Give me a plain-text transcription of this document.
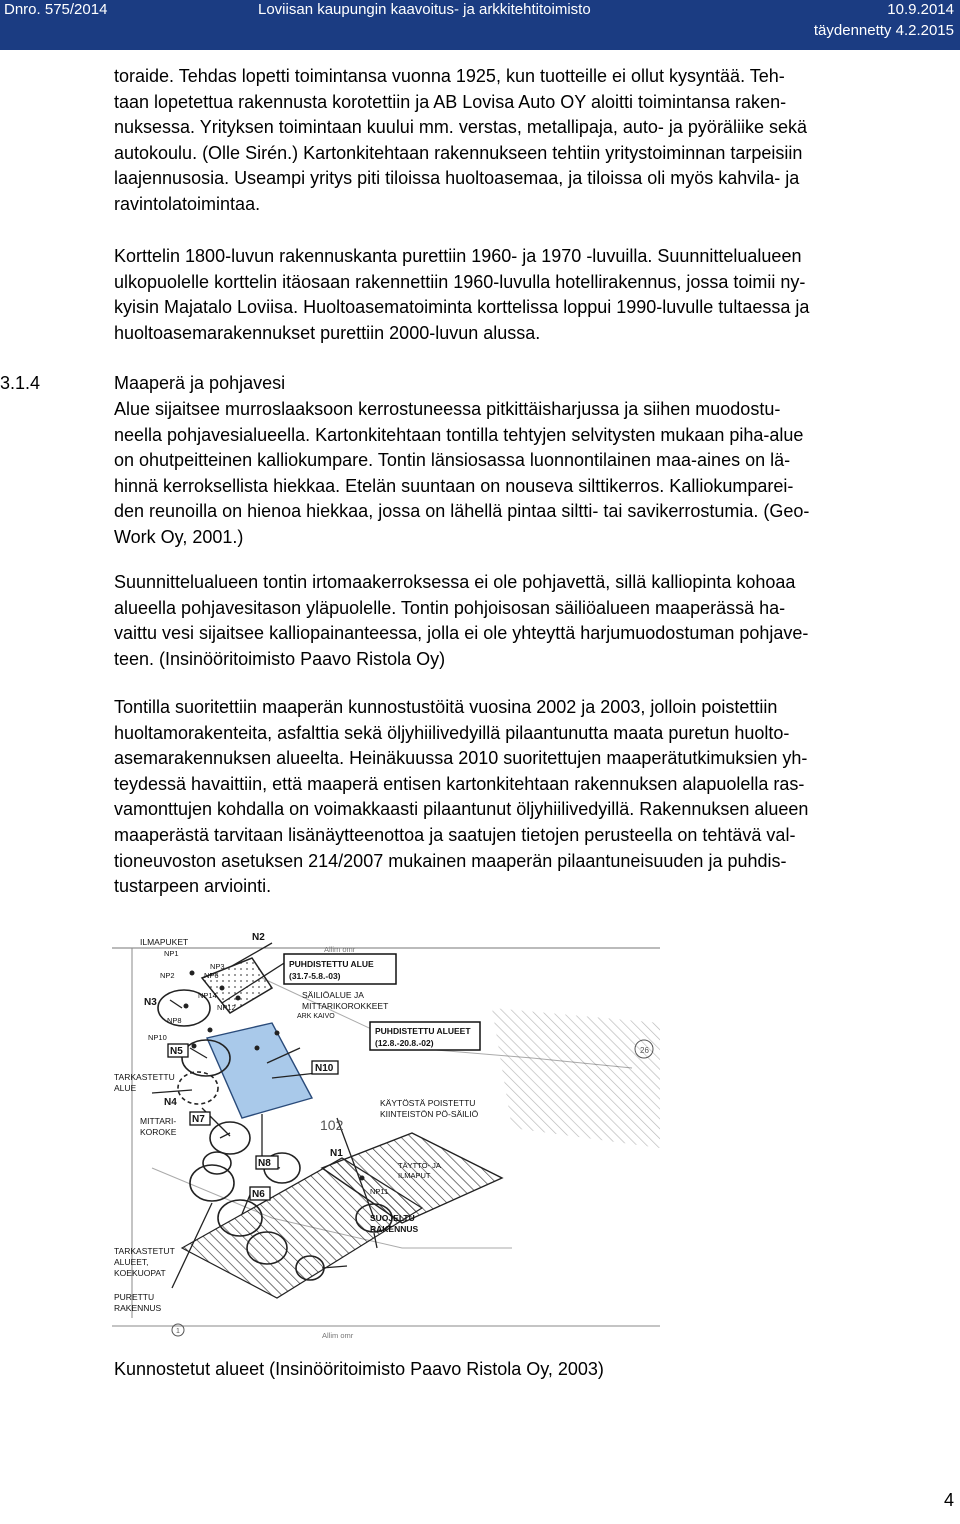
Dnro. 575/2014	Loviisan kaupungin kaavoitus- ja arkkitehtitoimisto	10.9.2014
täydennetty 4.2.2015
toraide. Tehdas lopetti toimintansa vuonna 1925, kun tuotteille ei ollut kysyntää. Teh-
taan lopetettua rakennusta korotettiin ja AB Lovisa Auto OY aloitti toimintansa raken-
nuksessa. Yrityksen toimintaan kuului mm. verstas, metallipaja, auto- ja pyöräliike sekä
autokoulu. (Olle Sirén.) Kartonkitehtaan rakennukseen tehtiin yritystoiminnan tarpeisiin
laajennusosia. Useampi yritys piti tiloissa huoltoasemaa, ja tiloissa oli myös kahvila- ja
ravintolatoimintaa.
Korttelin 1800-luvun rakennuskanta purettiin 1960- ja 1970 -luvuilla. Suunnittelualueen
ulkopuolelle korttelin itäosaan rakennettiin 1960-luvulla hotellirakennus, jossa toimii ny-
kyisin Majatalo Loviisa. Huoltoasematoiminta korttelissa loppui 1990-luvulle tultaessa ja
huoltoasemarakennukset purettiin 2000-luvun alussa.
3.1.4	Maaperä ja pohjavesi
Alue sijaitsee murroslaaksoon kerrostuneessa pitkittäisharjussa ja siihen muodostu-
neella pohjavesialueella. Kartonkitehtaan tontilla tehtyjen selvitysten mukaan piha-alue
on ohutpeitteinen kalliokumpare. Tontin länsiosassa luonnontilainen maa-aines on lä-
hinnä kerroksellista hiekkaa. Etelän suuntaan on nouseva silttikerros. Kalliokumparei-
den reunoilla on hienoa hiekkaa, jossa on lähellä pintaa siltti- tai savikerrostumia. (Geo-
Work Oy, 2001.)
Suunnittelualueen tontin irtomaakerroksessa ei ole pohjavettä, sillä kalliopinta kohoaa
alueella pohjavesitason yläpuolelle. Tontin pohjoisosan säiliöalueen maaperässä ha-
vaittu vesi sijaitsee kalliopainanteessa, jolla ei ole yhteyttä harjumuodostuman pohjave-
teen. (Insinööritoimisto Paavo Ristola Oy)
Tontilla suoritettiin maaperän kunnostustöitä vuosina 2002 ja 2003, jolloin poistettiin
huoltamorakenteita, asfalttia sekä öljyhiilivedyillä pilaantunutta maata puretun huolto-
asemarakennuksen alueelta. Heinäkuussa 2010 suoritettujen maaperätutkimuksien yh-
teydessä havaittiin, että maaperä entisen kartonkitehtaan rakennuksen alapuolella ras-
vamonttujen kohdalla on voimakkaasti pilaantunut öljyhiilivedyillä. Rakennuksen alueen
maaperästä tarvitaan lisänäytteenottoa ja saatujen tietojen perusteella on tehtävä val-
tioneuvoston asetuksen 214/2007 mukainen maaperän pilaantuneisuuden ja puhdis-
tustarpeen arviointi.
ILMAPUKET	N2
PUHDISTETTU ALUE
(31.7-5.8.-03)
Allim omr
SÄILIÖALUE JA
MITTARIKOROKKEET
NP1
NP2
NP3
NP6
NP8
NP10
NP11
NP12
NP14
N3
N5
ARK KAIVO
PUHDISTETTU ALUEET
(12.8.-20.8.-02)
N10
TARKASTETTU
ALUE
KÄYTÖSTÄ POISTETTU
KIINTEISTÖN PÖ-SÄILIÖ
102
N4
N7
MITTARI-
KOROKE
N8
N1
TÄYTTÖ- JA
ILMAPUT
N6
SUOJELTU
RAKENNUS
TARKASTETUT
ALUEET,
KOEKUOPAT
PURETTU
RAKENNUS
Allim omr
26
1
Kunnostetut alueet (Insinööritoimisto Paavo Ristola Oy, 2003)
4
